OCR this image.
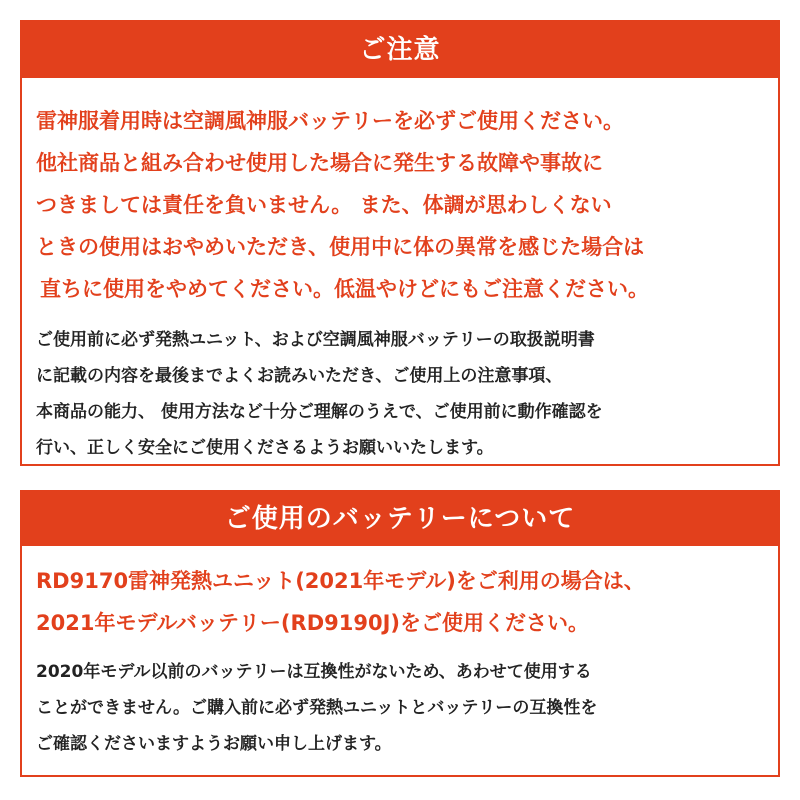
ご注意
雷神服着用時は空調風神服バッテリーを必ずご使用ください。
他社商品と組み合わせ使用した場合に発生する故障や事故に
つきましては責任を負いません。 また、体調が思わしくない
ときの使用はおやめいただき、使用中に体の異常を感じた場合は
直ちに使用をやめてください。低温やけどにもご注意ください。
ご使用前に必ず発熱ユニット、および空調風神服バッテリーの取扱説明書
に記載の内容を最後までよくお読みいただき、ご使用上の注意事項、
本商品の能力、 使用方法など十分ご理解のうえで、ご使用前に動作確認を
行い、正しく安全にご使用くださるようお願いいたします。
ご使用のバッテリーについて
RD9170雷神発熱ユニット(2021年モデル)をご利用の場合は、
2021年モデルバッテリー(RD9190J)をご使用ください。
2020年モデル以前のバッテリーは互換性がないため、あわせて使用する
ことができません。ご購入前に必ず発熱ユニットとバッテリーの互換性を
ご確認くださいますようお願い申し上げます。
